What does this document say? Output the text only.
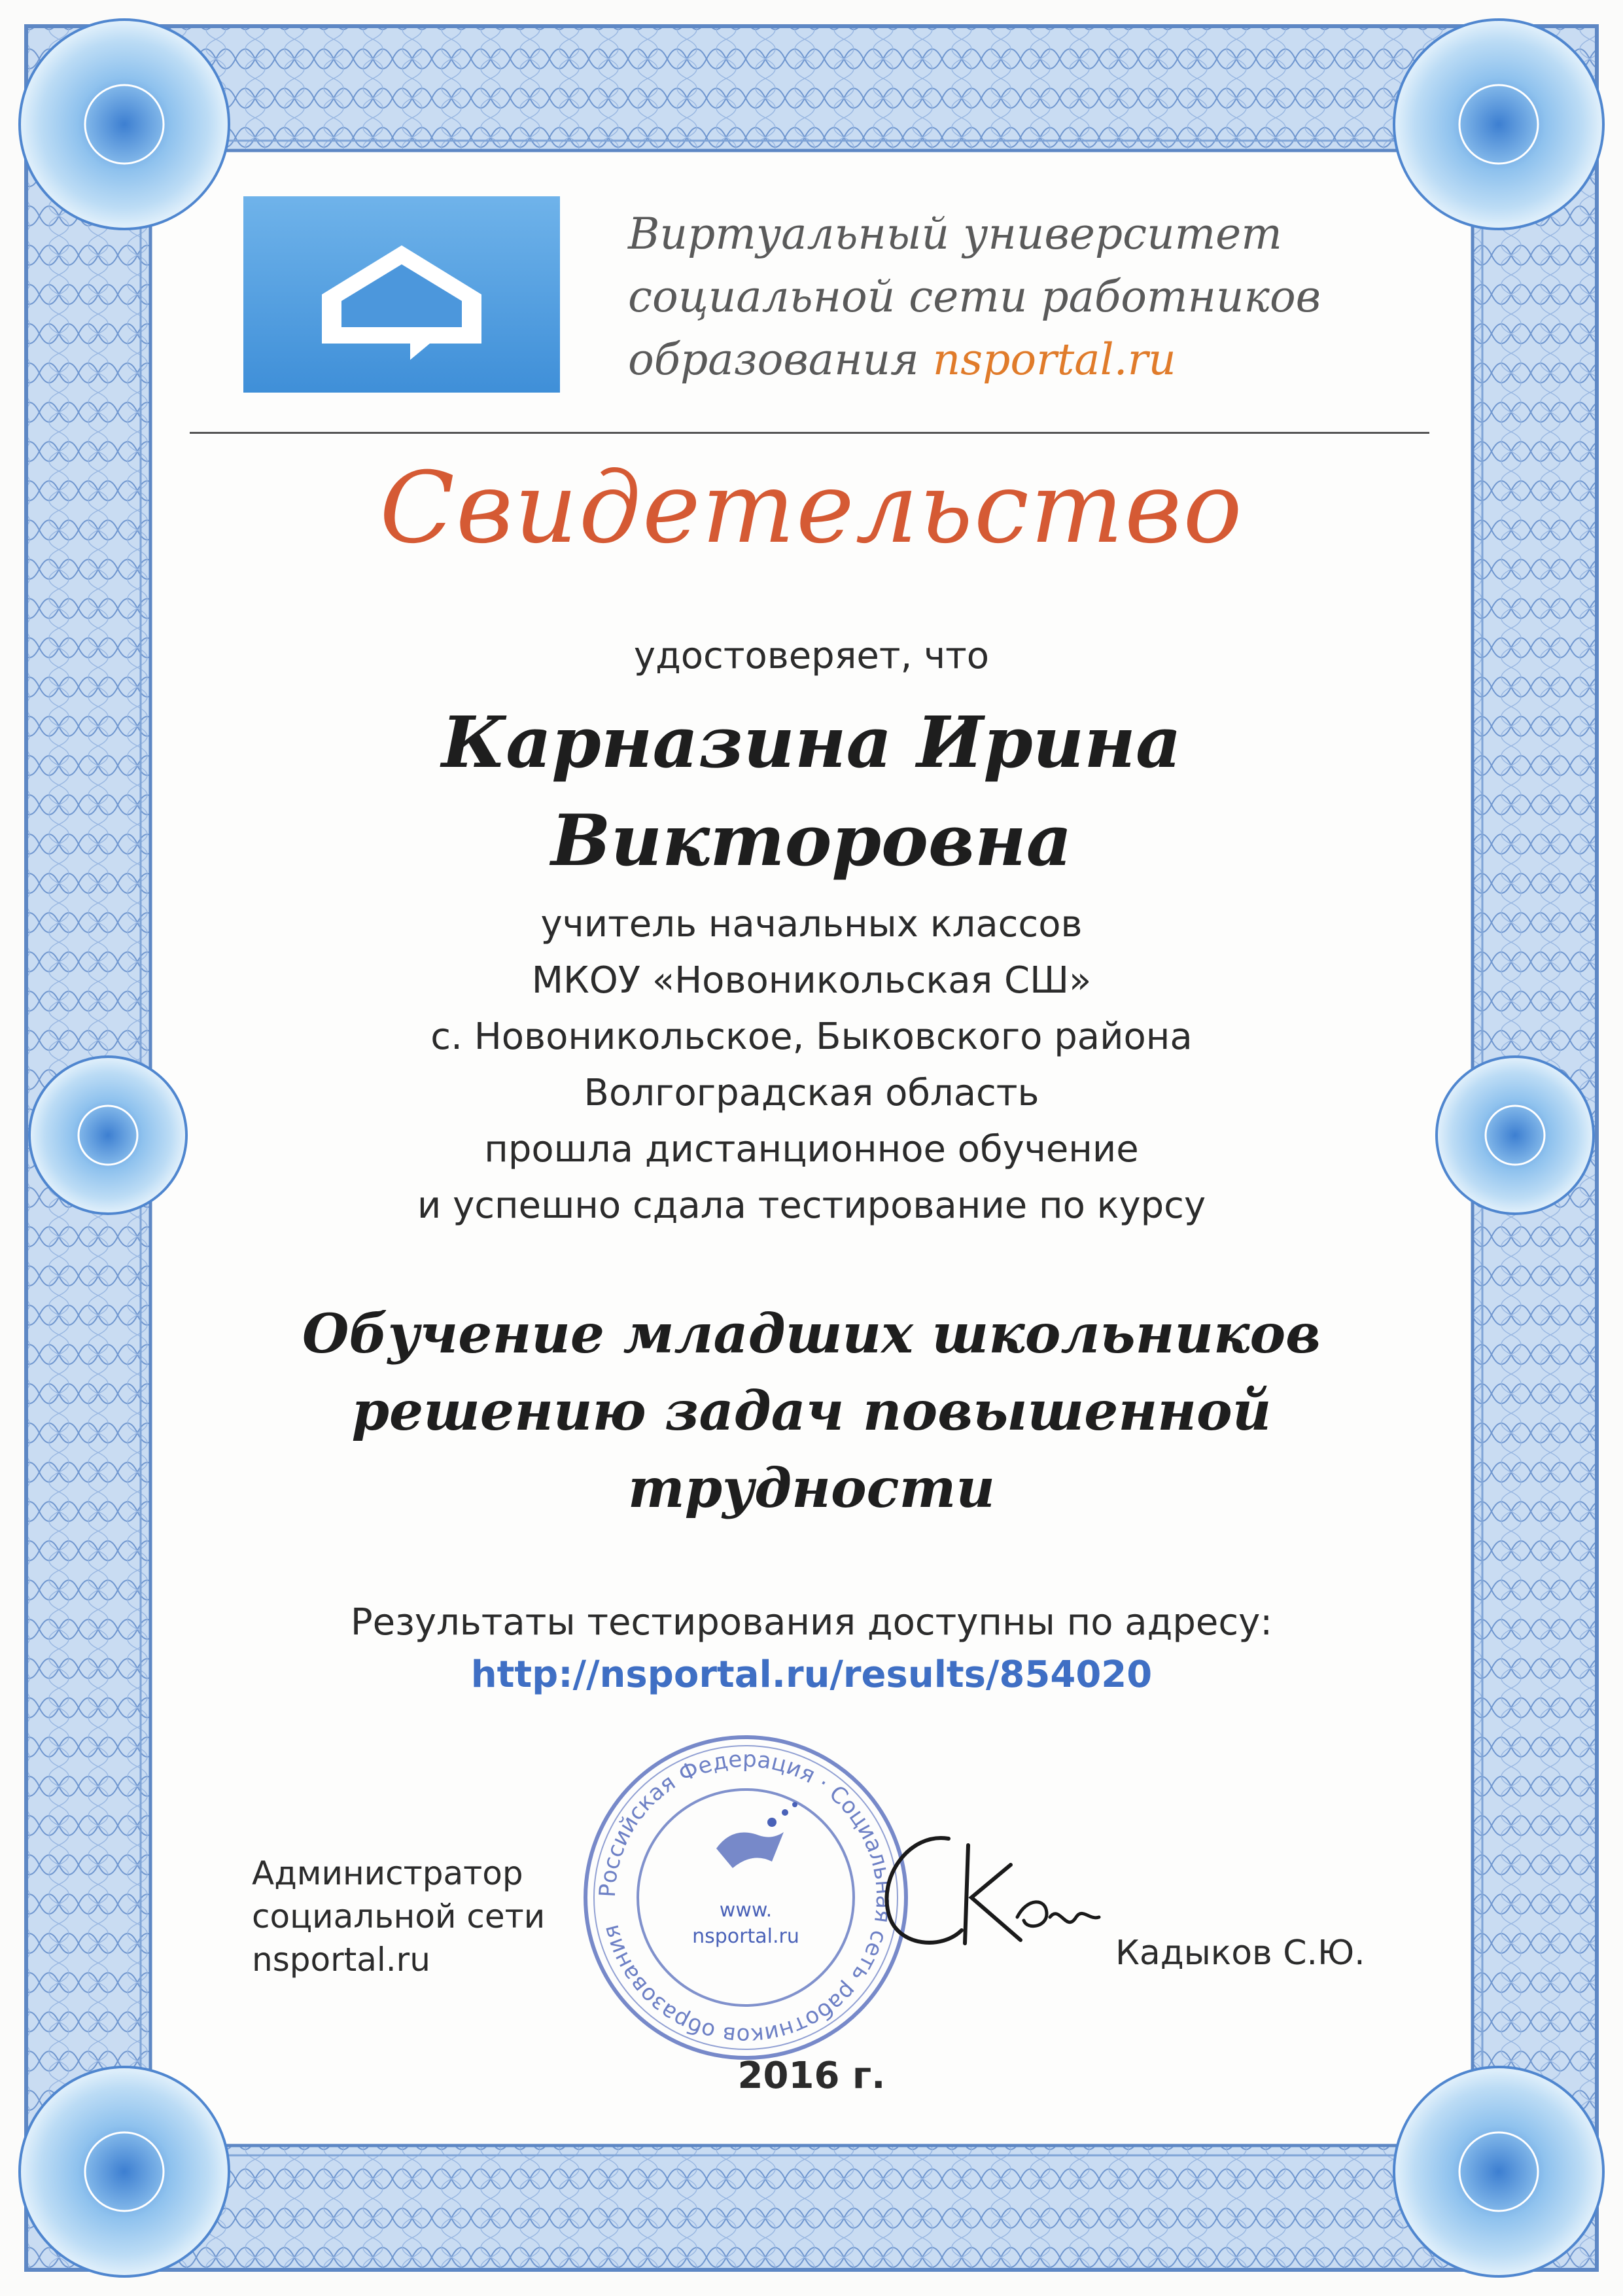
Виртуальный университет
социальной сети работников
образования nsportal.ru
Свидетельство
удостоверяет, что
Карназина Ирина
Викторовна
учитель начальных классов
МКОУ «Новоникольская СШ»
с. Новоникольское, Быковского района
Волгоградская область
прошла дистанционное обучение
и успешно сдала тестирование по курсу
Обучение младших школьников
решению задач повышенной
трудности
Результаты тестирования доступны по адресу:
http://nsportal.ru/results/854020
Администратор
социальной сети
nsportal.ru
Российская Федерация · Социальная сеть работников образования
www.
nsportal.ru	Кадыков С.Ю.
2016 г.
